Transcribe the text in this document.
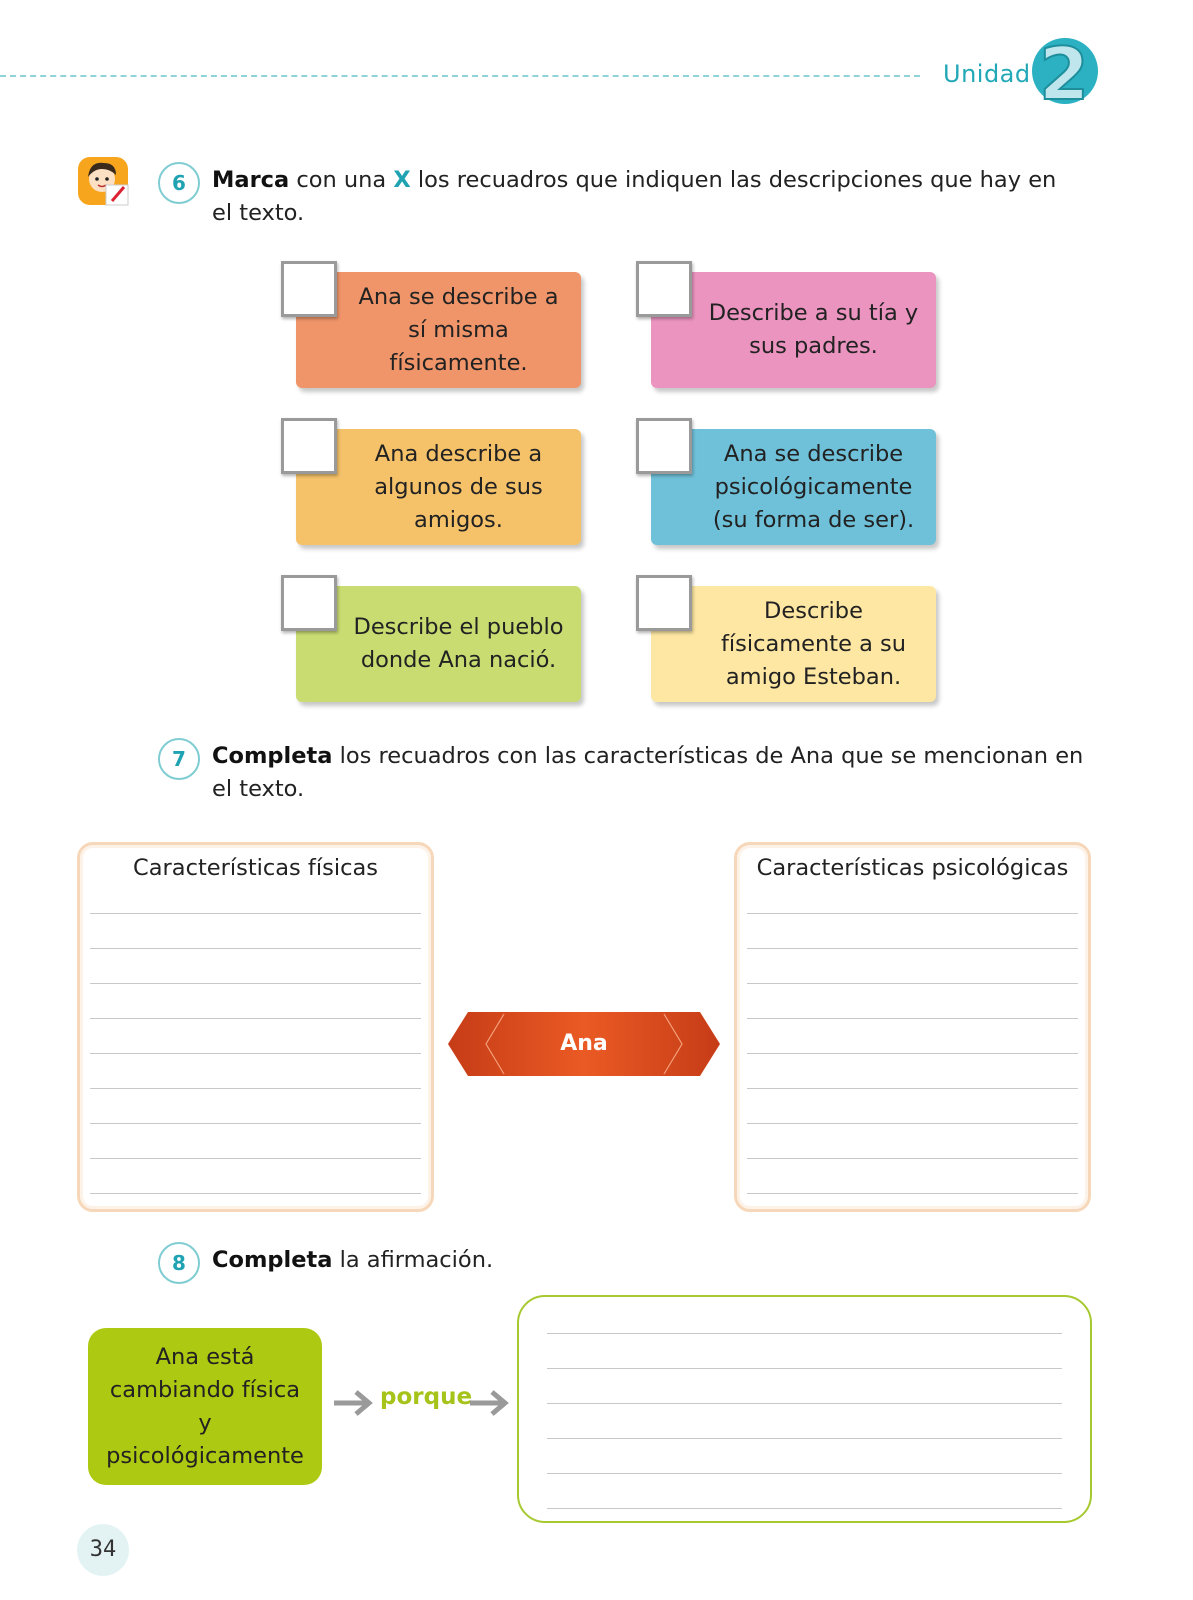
Unidad 2
6	Marca con una X los recuadros que indiquen las descripciones que hay en el texto.
Ana se describe a sí misma físicamente.
Describe a su tía y sus padres.
Ana describe a algunos de sus amigos.
Ana se describe psicológicamente (su forma de ser).
Describe el pueblo donde Ana nació.
Describe físicamente a su amigo Esteban.
7	Completa los recuadros con las características de Ana que se mencionan en el texto.
Características físicas
Ana
Características psicológicas
8	Completa la afirmación.
Ana está cambiando física y psicológicamente
porque
34
